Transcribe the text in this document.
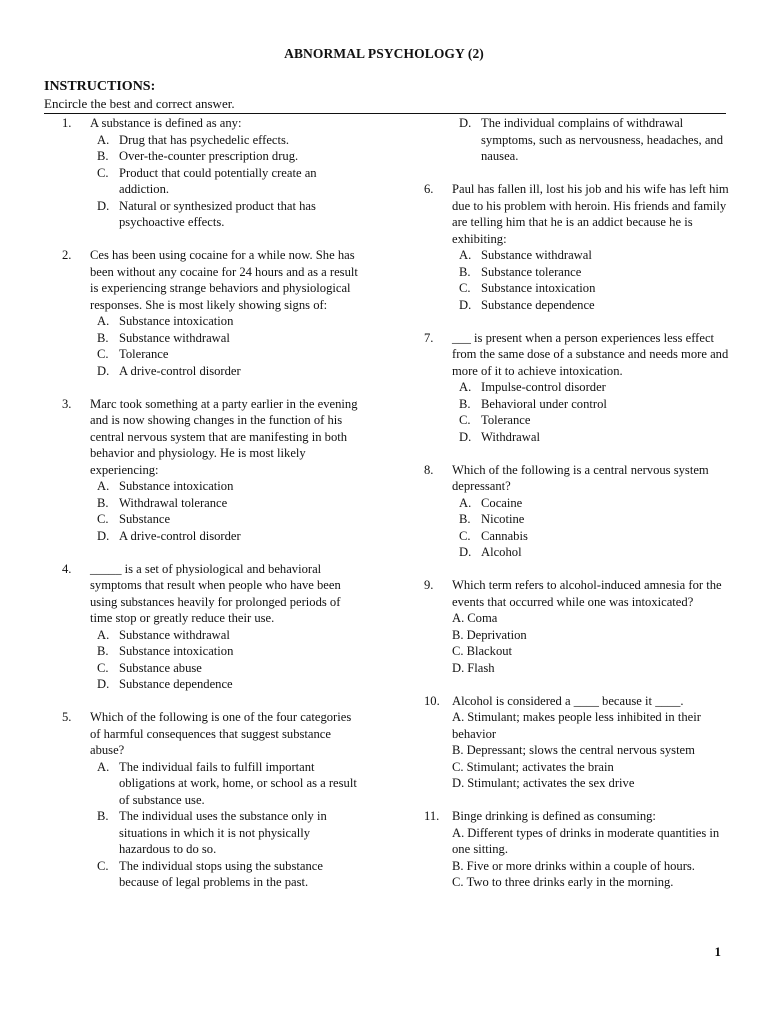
ABNORMAL PSYCHOLOGY (2)
INSTRUCTIONS:
Encircle the best and correct answer.
1. A substance is defined as any:
A. Drug that has psychedelic effects.
B. Over-the-counter prescription drug.
C. Product that could potentially create an addiction.
D. Natural or synthesized product that has psychoactive effects.
2. Ces has been using cocaine for a while now. She has been without any cocaine for 24 hours and as a result is experiencing strange behaviors and physiological responses. She is most likely showing signs of:
A. Substance intoxication
B. Substance withdrawal
C. Tolerance
D. A drive-control disorder
3. Marc took something at a party earlier in the evening and is now showing changes in the function of his central nervous system that are manifesting in both behavior and physiology. He is most likely experiencing:
A. Substance intoxication
B. Withdrawal tolerance
C. Substance
D. A drive-control disorder
4. _____ is a set of physiological and behavioral symptoms that result when people who have been using substances heavily for prolonged periods of time stop or greatly reduce their use.
A. Substance withdrawal
B. Substance intoxication
C. Substance abuse
D. Substance dependence
5. Which of the following is one of the four categories of harmful consequences that suggest substance abuse?
A. The individual fails to fulfill important obligations at work, home, or school as a result of substance use.
B. The individual uses the substance only in situations in which it is not physically hazardous to do so.
C. The individual stops using the substance because of legal problems in the past.
D. The individual complains of withdrawal symptoms, such as nervousness, headaches, and nausea.
6. Paul has fallen ill, lost his job and his wife has left him due to his problem with heroin. His friends and family are telling him that he is an addict because he is exhibiting:
A. Substance withdrawal
B. Substance tolerance
C. Substance intoxication
D. Substance dependence
7. ___ is present when a person experiences less effect from the same dose of a substance and needs more and more of it to achieve intoxication.
A. Impulse-control disorder
B. Behavioral under control
C. Tolerance
D. Withdrawal
8. Which of the following is a central nervous system depressant?
A. Cocaine
B. Nicotine
C. Cannabis
D. Alcohol
9. Which term refers to alcohol-induced amnesia for the events that occurred while one was intoxicated?
A. Coma
B. Deprivation
C. Blackout
D. Flash
10. Alcohol is considered a ____ because it ____.
A. Stimulant; makes people less inhibited in their behavior
B. Depressant; slows the central nervous system
C. Stimulant; activates the brain
D. Stimulant; activates the sex drive
11. Binge drinking is defined as consuming:
A. Different types of drinks in moderate quantities in one sitting.
B. Five or more drinks within a couple of hours.
C. Two to three drinks early in the morning.
1
